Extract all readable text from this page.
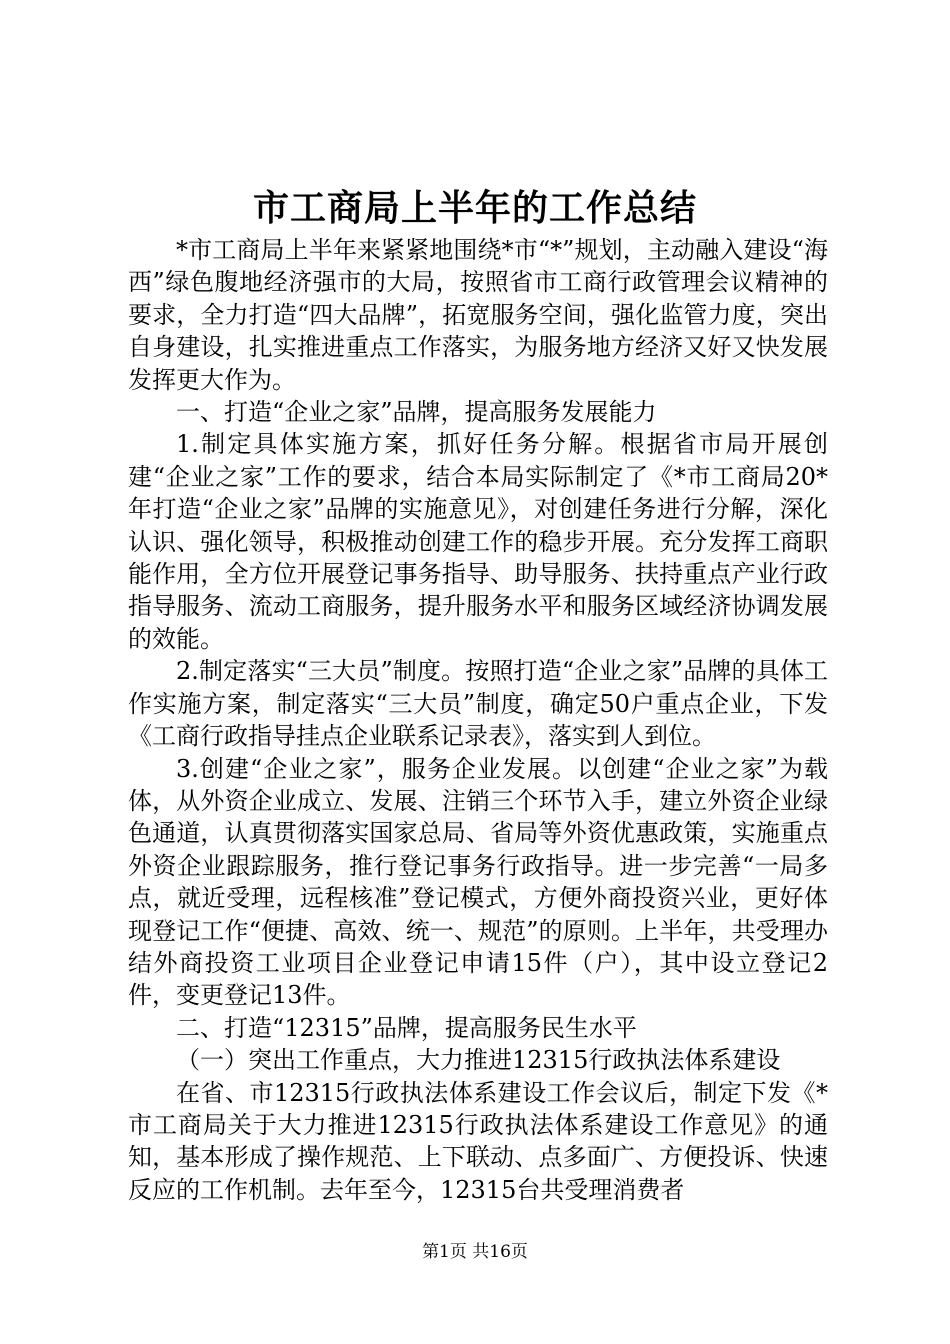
市工商局上半年的工作总结

*市工商局上半年来紧紧地围绕*市“*”规划，主动融入建设“海西”绿色腹地经济强市的大局，按照省市工商行政管理会议精神的要求，全力打造“四大品牌”，拓宽服务空间，强化监管力度，突出自身建设，扎实推进重点工作落实，为服务地方经济又好又快发展发挥更大作为。

一、打造“企业之家”品牌，提高服务发展能力

1.制定具体实施方案，抓好任务分解。根据省市局开展创建“企业之家”工作的要求，结合本局实际制定了《*市工商局20*年打造“企业之家”品牌的实施意见》，对创建任务进行分解，深化认识、强化领导，积极推动创建工作的稳步开展。充分发挥工商职能作用，全方位开展登记事务指导、助导服务、扶持重点产业行政指导服务、流动工商服务，提升服务水平和服务区域经济协调发展的效能。

2.制定落实“三大员”制度。按照打造“企业之家”品牌的具体工作实施方案，制定落实“三大员”制度，确定50户重点企业，下发《工商行政指导挂点企业联系记录表》，落实到人到位。

3.创建“企业之家”，服务企业发展。以创建“企业之家”为载体，从外资企业成立、发展、注销三个环节入手，建立外资企业绿色通道，认真贯彻落实国家总局、省局等外资优惠政策，实施重点外资企业跟踪服务，推行登记事务行政指导。进一步完善“一局多点，就近受理，远程核准”登记模式，方便外商投资兴业，更好体现登记工作“便捷、高效、统一、规范”的原则。上半年，共受理办结外商投资工业项目企业登记申请15件（户），其中设立登记2件，变更登记13件。

二、打造“12315”品牌，提高服务民生水平

（一）突出工作重点，大力推进12315行政执法体系建设

在省、市12315行政执法体系建设工作会议后，制定下发《*市工商局关于大力推进12315行政执法体系建设工作意见》的通知，基本形成了操作规范、上下联动、点多面广、方便投诉、快速反应的工作机制。去年至今，12315台共受理消费者

第1页 共16页
